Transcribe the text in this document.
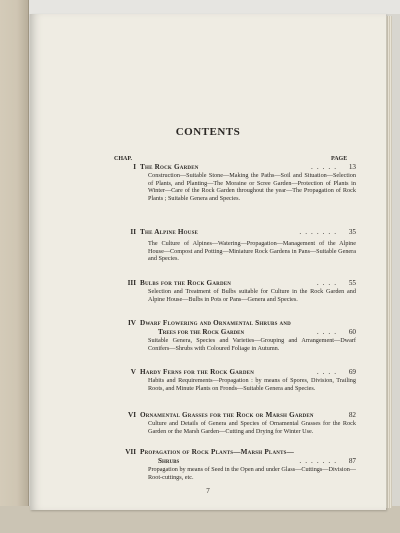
CONTENTS
CHAP.	PAGE
I The Rock Garden	..... 13
Construction—Suitable Stone—Making the Paths—Soil and Situation—Selection of Plants, and Planting—The Moraine or Scree Garden—Protection of Plants in Winter—Care of the Rock Garden throughout the year—The Propagation of Rock Plants ; Suitable Genera and Species.
II The Alpine House	....... 35
The Culture of Alpines—Watering—Propagation—Management of the Alpine House—Compost and Potting—Miniature Rock Gardens in Pans—Suitable Genera and Species.
III Bulbs for the Rock Garden	.... 55
Selection and Treatment of Bulbs suitable for Culture in the Rock Garden and Alpine House—Bulbs in Pots or Pans—Genera and Species.
IV Dwarf Flowering and Ornamental Shrubs and
Trees for the Rock Garden	.... 60
Suitable Genera, Species and Varieties—Grouping and Arrangement—Dwarf Conifers—Shrubs with Coloured Foliage in Autumn.
V Hardy Ferns for the Rock Garden	.... 69
Habits and Requirements—Propagation : by means of Spores, Division, Trailing Roots, and Minute Plants on Fronds—Suitable Genera and Species.
VI Ornamental Grasses for the Rock or Marsh Garden	82
Culture and Details of Genera and Species of Ornamental Grasses for the Rock Garden or the Marsh Garden—Cutting and Drying for Winter Use.
VII Propagation of Rock Plants—Marsh Plants—
Shrubs	....... 87
Propagation by means of Seed in the Open and under Glass—Cuttings—Division—Root-cuttings, etc.
7
